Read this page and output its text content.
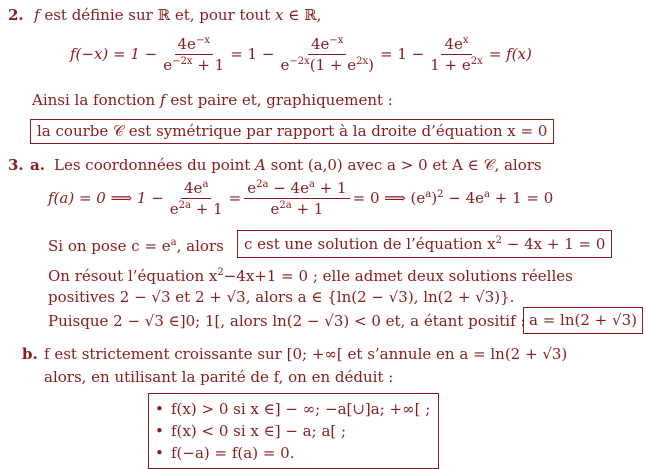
2. f est définie sur ℝ et, pour tout x ∈ ℝ,
$f(-x) = 1 - \frac{4e^{-x}}{e^{-2x} + 1} = 1 - \frac{4e^{-x}}{e^{-2x}(1 + e^{2x})} = 1 - \frac{4e^x}{1 + e^{2x}} = f(x)$
Ainsi la fonction f est paire et, graphiquement :
la courbe 𝒞 est symétrique par rapport à la droite d’équation x = 0
3. a. Les coordonnées du point A sont (a,0) avec a > 0 et A ∈ 𝒞, alors
f(a) = 0 ⟹ $1 - \frac{4e^a}{e^{2a} + 1} = \frac{e^{2a} - 4e^a + 1}{e^{2a} + 1} = 0$ ⟹ $(e^a)^2 - 4e^a + 1 = 0$
Si on pose $c = e^a$, alors	c est une solution de l’équation $x^2 - 4x + 1 = 0$
On résout l’équation $x^2-4x+1 = 0$ ; elle admet deux solutions réelles
positives 2 − √3 et 2 + √3, alors a ∈ {ln(2 − √3), ln(2 + √3)}.
Puisque 2 − √3 ∈]0; 1[, alors ln(2 − √3) < 0 et, a étant positif : a = ln(2 + √3)
b. f est strictement croissante sur [0; +∞[ et s’annule en a = ln(2 + √3)
alors, en utilisant la parité de f, on en déduit :
• f(x) > 0 si x ∈] − ∞; −a[∪]a; +∞[ ;
• f(x) < 0 si x ∈] − a; a[ ;
• f(−a) = f(a) = 0.
